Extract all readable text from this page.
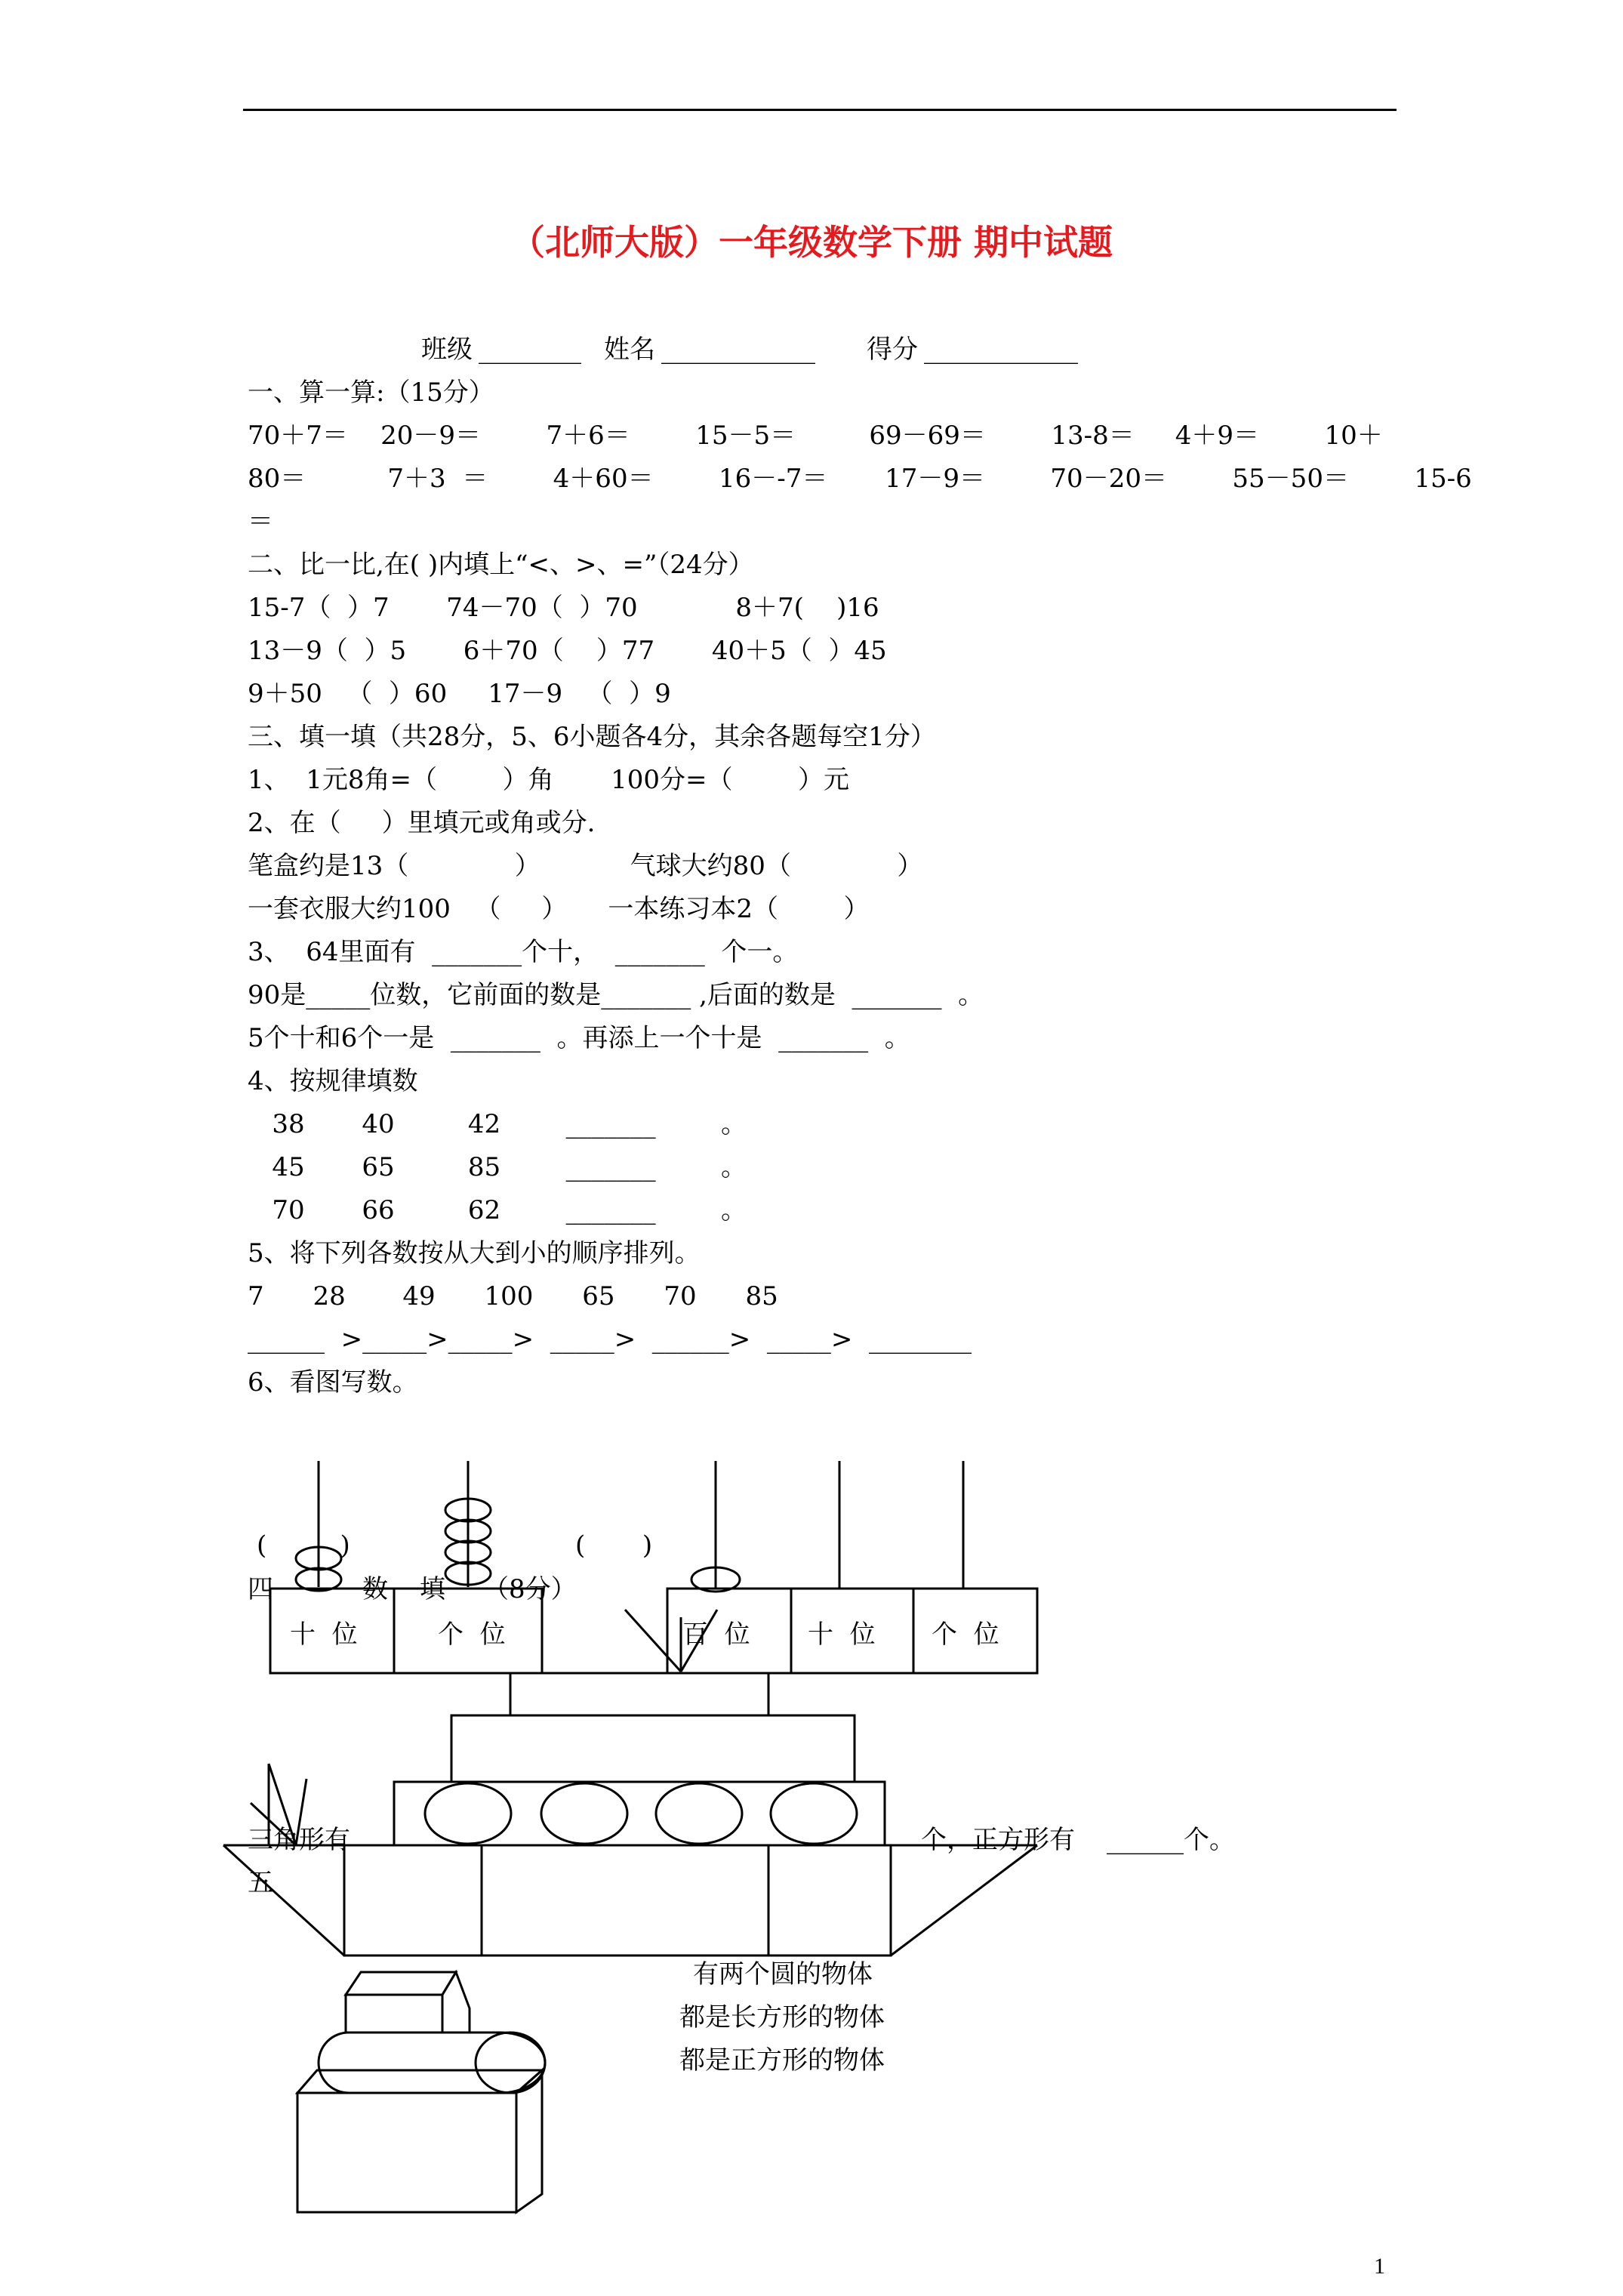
（北师大版）一年级数学下册 期中试题
班级 ________ 姓名 ____________ 得分 ____________
一、算一算:（15分）
70＋7＝    20－9＝        7＋6＝        15－5＝         69－69＝        13-8＝     4＋9＝        10＋
80＝          7＋3  ＝        4＋60＝        16－-7＝       17－9＝        70－20＝        55－50＝        15-6
＝
二、比一比,在( )内填上“<、>、=”（24分）
15-7（  ）7       74－70（  ）70            8＋7(    )16
13－9（  ）5       6＋70（    ）77       40＋5（  ）45
9＋50   （  ）60     17－9   （  ）9
三、填一填（共28分，5、6小题各4分，其余各题每空1分）
1、  1元8角=（        ）角       100分=（        ）元
2、在（     ）里填元或角或分.
笔盒约是13（             ）           气球大约80（             ）
一套衣服大约100   （     ）     一本练习本2（        ）
3、  64里面有  _______个十，  _______  个一。
90是_____位数，它前面的数是_______ ,后面的数是  _______  。
5个十和6个一是  _______  。再添上一个十是  _______  。
4、按规律填数
38       40         42        _______        。
45       65         85        _______        。
70       66         62        _______        。
5、将下列各数按从大到小的顺序排列。
7      28       49      100      65      70      85
______  >_____>_____>  _____>  ______>  _____>  ________
6、看图写数。
(         )	(       )
四	数 填 （8分）
三角形有	个，正方形有 ______个。
五
十  位	个  位	百  位 十  位 个  位
有两个圆的物体
都是长方形的物体
都是正方形的物体
1
